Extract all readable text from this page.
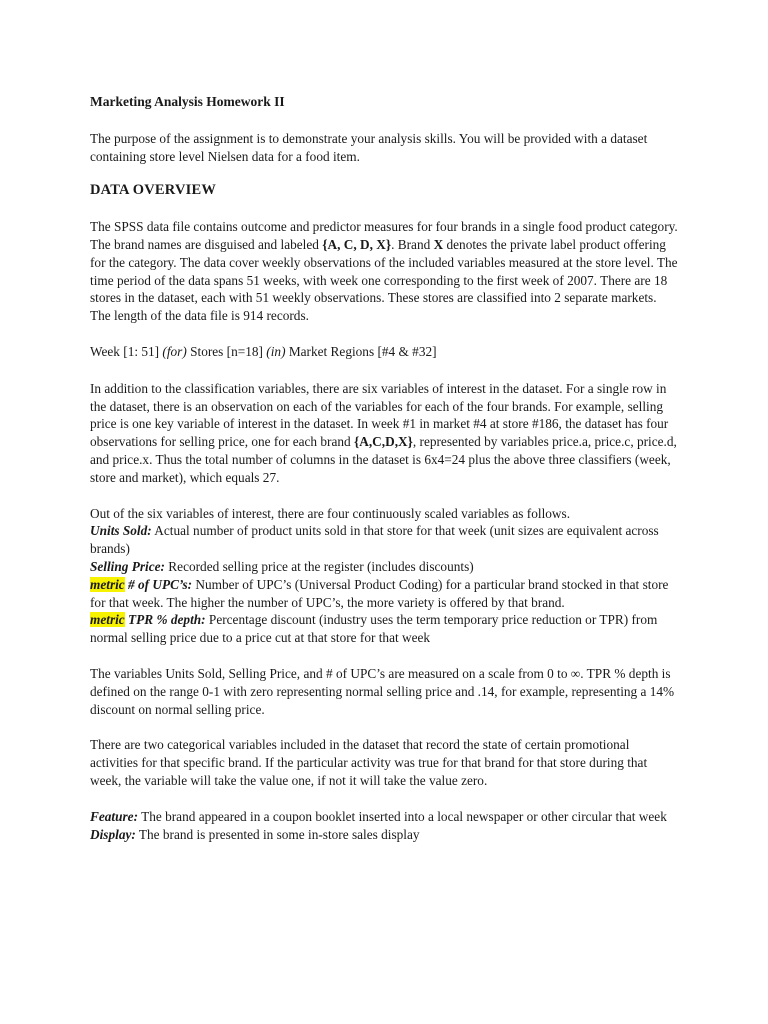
Marketing Analysis Homework II

The purpose of the assignment is to demonstrate your analysis skills. You will be provided with a dataset containing store level Nielsen data for a food item.

DATA OVERVIEW

The SPSS data file contains outcome and predictor measures for four brands in a single food product category. The brand names are disguised and labeled {A, C, D, X}. Brand X denotes the private label product offering for the category. The data cover weekly observations of the included variables measured at the store level. The time period of the data spans 51 weeks, with week one corresponding to the first week of 2007. There are 18 stores in the dataset, each with 51 weekly observations. These stores are classified into 2 separate markets. The length of the data file is 914 records.

Week [1: 51] (for) Stores [n=18] (in) Market Regions [#4 & #32]

In addition to the classification variables, there are six variables of interest in the dataset. For a single row in the dataset, there is an observation on each of the variables for each of the four brands. For example, selling price is one key variable of interest in the dataset. In week #1 in market #4 at store #186, the dataset has four observations for selling price, one for each brand {A,C,D,X}, represented by variables price.a, price.c, price.d, and price.x. Thus the total number of columns in the dataset is 6x4=24 plus the above three classifiers (week, store and market), which equals 27.

Out of the six variables of interest, there are four continuously scaled variables as follows.

Units Sold: Actual number of product units sold in that store for that week (unit sizes are equivalent across brands)

Selling Price: Recorded selling price at the register (includes discounts)

metric # of UPC’s: Number of UPC’s (Universal Product Coding) for a particular brand stocked in that store for that week. The higher the number of UPC’s, the more variety is offered by that brand.

metric TPR % depth: Percentage discount (industry uses the term temporary price reduction or TPR) from normal selling price due to a price cut at that store for that week

The variables Units Sold, Selling Price, and # of UPC’s are measured on a scale from 0 to ∞. TPR % depth is defined on the range 0-1 with zero representing normal selling price and .14, for example, representing a 14% discount on normal selling price.

There are two categorical variables included in the dataset that record the state of certain promotional activities for that specific brand. If the particular activity was true for that brand for that store during that week, the variable will take the value one, if not it will take the value zero.

Feature: The brand appeared in a coupon booklet inserted into a local newspaper or other circular that week

Display: The brand is presented in some in-store sales display
